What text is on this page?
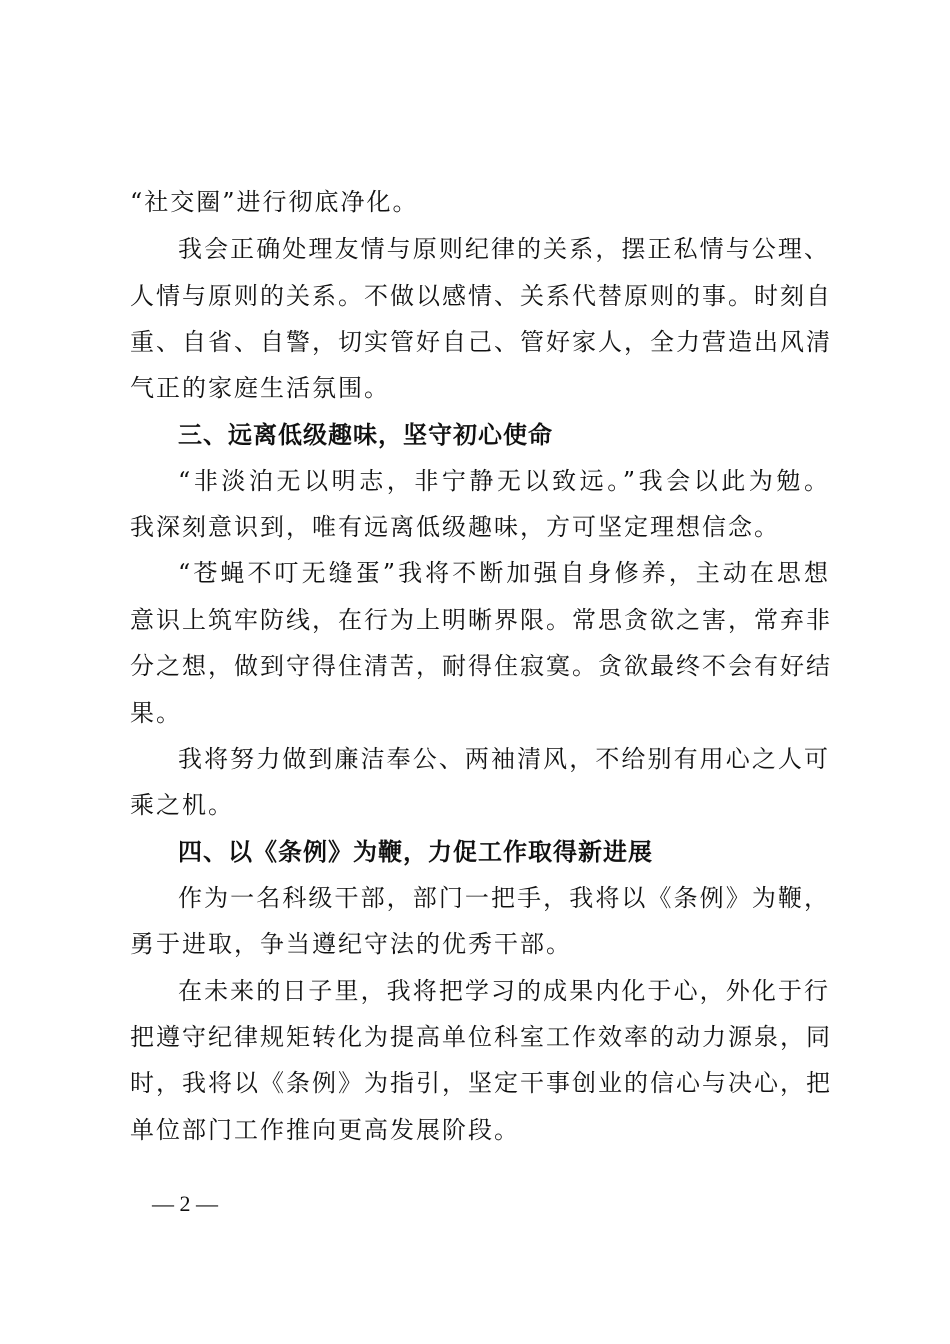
“社交圈”进行彻底净化。
我会正确处理友情与原则纪律的关系，摆正私情与公理、
人情与原则的关系。不做以感情、关系代替原则的事。时刻自
重、自省、自警，切实管好自己、管好家人，全力营造出风清
气正的家庭生活氛围。
三、远离低级趣味，坚守初心使命
“非淡泊无以明志，非宁静无以致远。”我会以此为勉。
我深刻意识到，唯有远离低级趣味，方可坚定理想信念。
“苍蝇不叮无缝蛋”我将不断加强自身修养，主动在思想
意识上筑牢防线，在行为上明晰界限。常思贪欲之害，常弃非
分之想，做到守得住清苦，耐得住寂寞。贪欲最终不会有好结
果。
我将努力做到廉洁奉公、两袖清风，不给别有用心之人可
乘之机。
四、以《条例》为鞭，力促工作取得新进展
作为一名科级干部，部门一把手，我将以《条例》为鞭，
勇于进取，争当遵纪守法的优秀干部。
在未来的日子里，我将把学习的成果内化于心，外化于行
把遵守纪律规矩转化为提高单位科室工作效率的动力源泉，同
时，我将以《条例》为指引，坚定干事创业的信心与决心，把
单位部门工作推向更高发展阶段。
— 2 —
